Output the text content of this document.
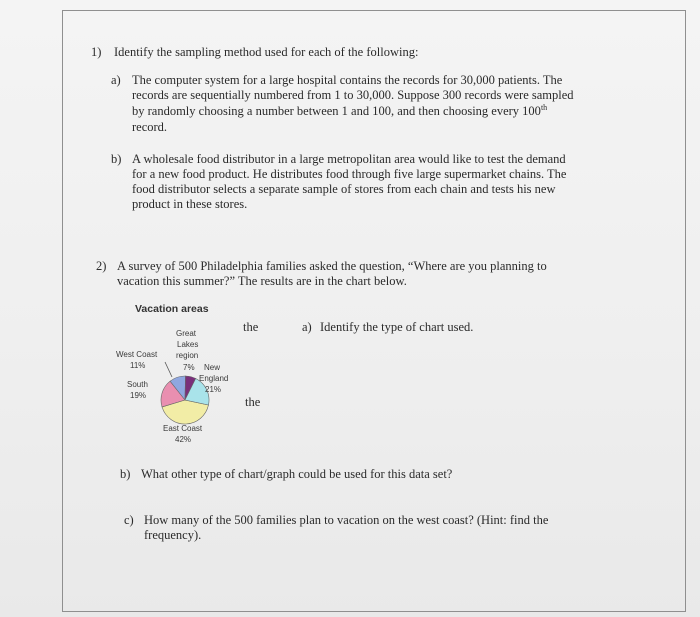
1) Identify the sampling method used for each of the following:
a) The computer system for a large hospital contains the records for 30,000 patients. The
records are sequentially numbered from 1 to 30,000. Suppose 300 records were sampled
by randomly choosing a number between 1 and 100, and then choosing every 100th
record.
b) A wholesale food distributor in a large metropolitan area would like to test the demand
for a new food product. He distributes food through five large supermarket chains. The
food distributor selects a separate sample of stores from each chain and tests his new
product in these stores.
2) A survey of 500 Philadelphia families asked the question, “Where are you planning to
vacation this summer?” The results are in the chart below.
Vacation areas
Great
Lakes
region
7%
West Coast
11%	New
England
21%
South
19%
East Coast
42%
the
the
a) Identify the type of chart used.
b) What other type of chart/graph could be used for this data set?
c) How many of the 500 families plan to vacation on the west coast? (Hint: find the
frequency).
